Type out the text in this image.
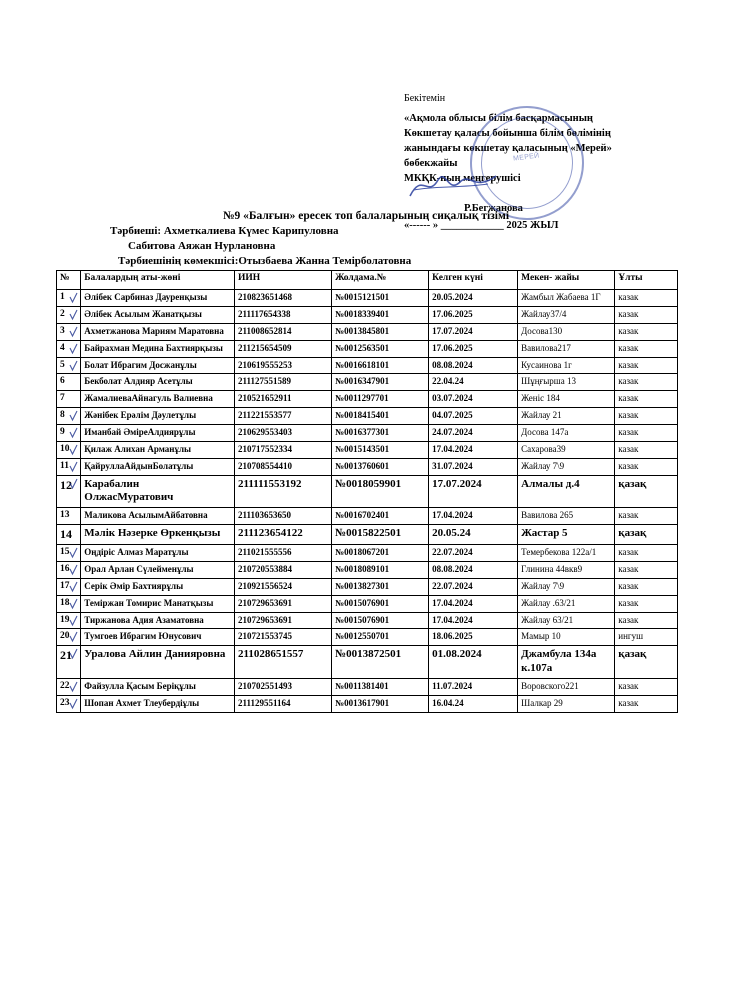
Бекітемін
«Ақмола облысы білім басқармасының
Көкшетау қаласы бойынша білім бөлімінің
жанындағы көкшетау қаласының «Мерей»
бөбекжайы
МКҚК-ның меңгерушісі
Р.Бегжанова
«------ » ____________ 2025 ЖЫЛ
МЕРЕЙ
№9 «Балғын» ересек топ балаларының сиқалық тізімі
Тәрбиеші: Ахметкалиева Күмес Карипуловна
Сабитова Аяжан Нурлановна
Тәрбиешінің көмекшісі:Отызбаева Жанна Темірболатовна
№	Балалардың аты-жөні	ИИН	Жолдама.№	Келген күні	Мекен- жайы	Ұлты
1	Әлібек Сарбиназ Дауренқызы	210823651468	№0015121501	20.05.2024	Жамбыл Жабаева 1Г	казак
2	Әлібек Асылым Жанатқызы	211117654338	№0018339401	17.06.2025	Жайлау37/4	казак
3	Ахметжанова Мариям Маратовна	211008652814	№0013845801	17.07.2024	Досова130	казак
4	Байрахман Медина Бахтиярқызы	211215654509	№0012563501	17.06.2025	Вавилова217	казак
5	Болат Ибрагим Досжанұлы	210619555253	№0016618101	08.08.2024	Кусаинова 1г	казак
6	Бекболат Алдияр Асетұлы	211127551589	№0016347901	22.04.24	Шұңғырша 13	казак
7	ЖамалиеваАйнагуль Валиевна	210521652911	№0011297701	03.07.2024	Женіс 184	казак
8	Жәнібек Ерәлім Дәулетұлы	211221553577	№0018415401	04.07.2025	Жайлау 21	казак
9	Иманбай ӘміреАлдиярұлы	210629553403	№0016377301	24.07.2024	Досова 147а	казак
10	Қилаж Алихан Арманұлы	210717552334	№0015143501	17.04.2024	Сахарова39	казак
11	ҚайруллаАйдынБолатұлы	210708554410	№0013760601	31.07.2024	Жайлау 7\9	казак
12	Карабалин ОлжасМуратович	211111553192	№0018059901	17.07.2024	Алмалы д.4	қазақ
13	Маликова АсылымАйбатовна	211103653650	№0016702401	17.04.2024	Вавилова 265	казак
14	Мәлік Нәзерке Өркенқызы	211123654122	№0015822501	20.05.24	Жастар 5	қазақ
15	Оңдіріс Алмаз Маратұлы	211021555556	№0018067201	22.07.2024	Темербекова 122а/1	казак
16	Орал Арлан Сүлейменұлы	210720553884	№0018089101	08.08.2024	Глинина 44вкв9	казак
17	Серік Әмір Бахтиярұлы	210921556524	№0013827301	22.07.2024	Жайлау 7\9	казак
18	Теміржан Томирис Манатқызы	210729653691	№0015076901	17.04.2024	Жайлау .63/21	казак
19	Тиржанова Адия Азаматовна	210729653691	№0015076901	17.04.2024	Жайлау 63/21	казак
20	Тумгоев Ибрагим Юнусович	210721553745	№0012550701	18.06.2025	Мамыр 10	ингуш
21	Уралова Айлин Данияровна	211028651557	№0013872501	01.08.2024	Джамбула 134а к.107а	қазақ
22	Файзулла Қасым Беріқұлы	210702551493	№0011381401	11.07.2024	Воровского221	казак
23	Шопан Ахмет Тлеубердіұлы	211129551164	№0013617901	16.04.24	Шалкар 29	казак
